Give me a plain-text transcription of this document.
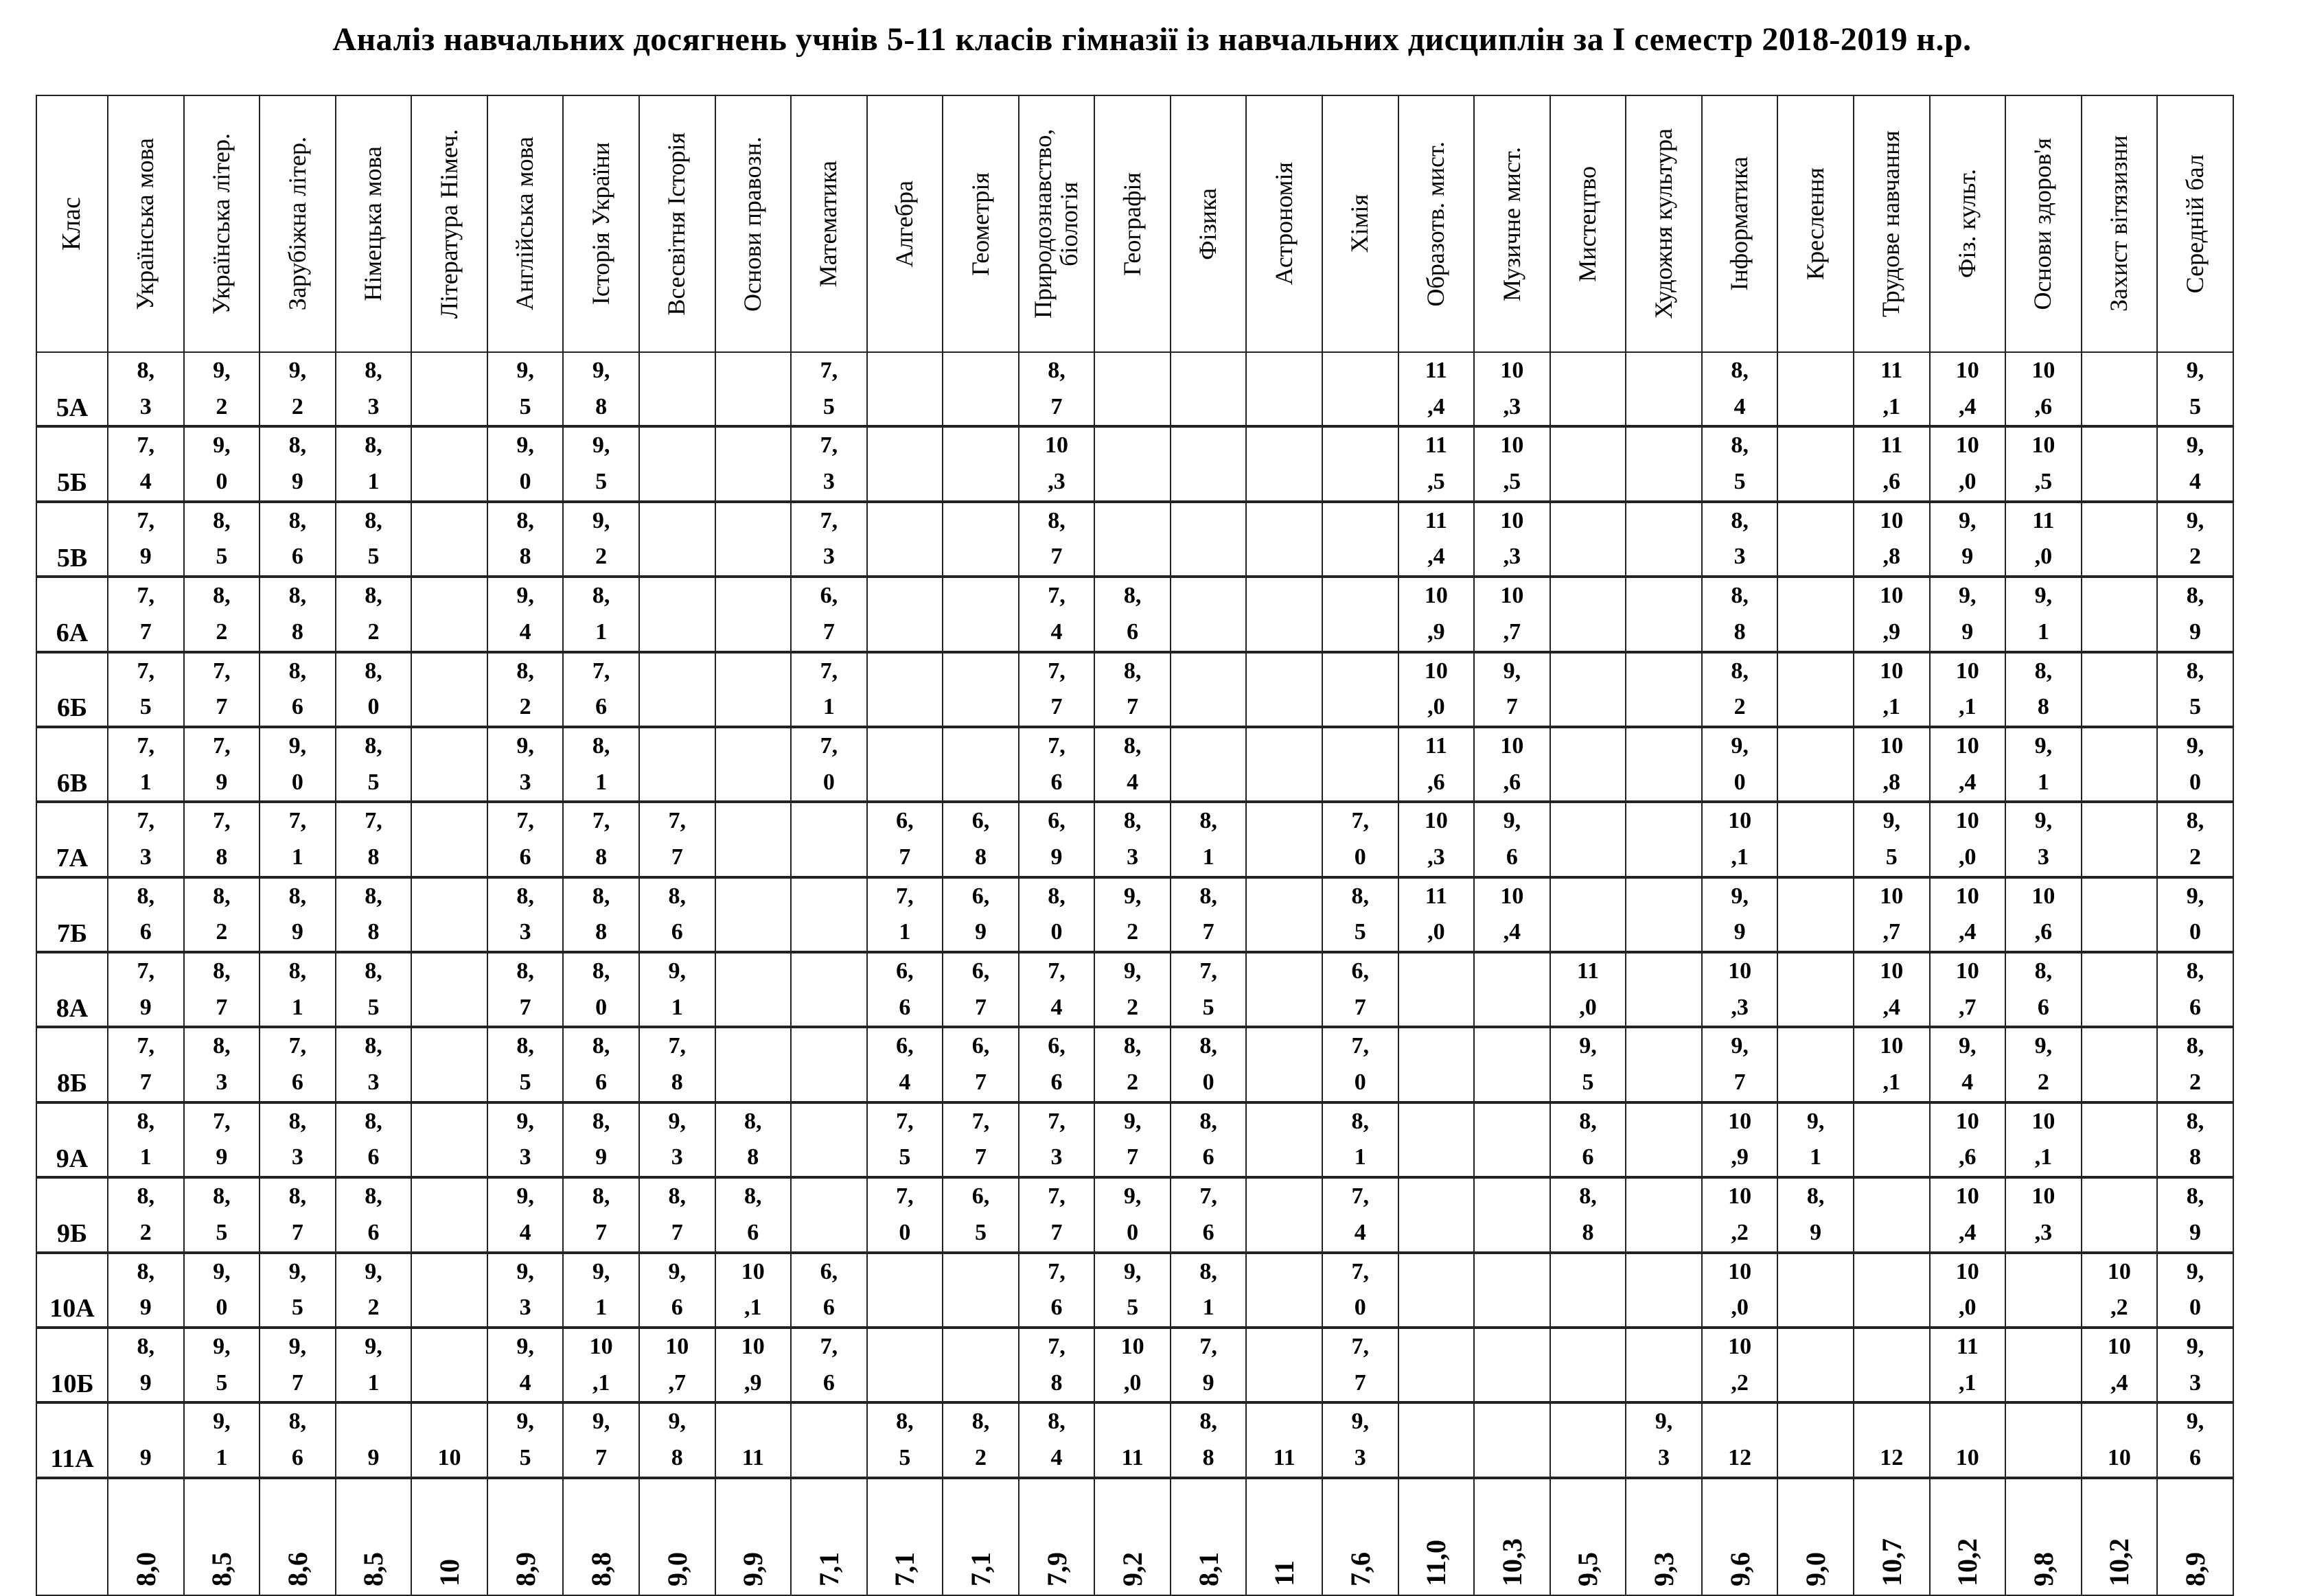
Аналіз навчальних досягнень учнів 5-11 класів гімназії із навчальних дисциплін за І семестр 2018-2019 н.р.
Клас	Українська мова	Українська літер.	Зарубіжна літер.	Німецька мова	Література Німеч.	Англійська мова	Історія України	Всесвітня Історія	Основи правозн.	Математика	Алгебра	Геометрія	Природознавство, біологія	Географія	Фізика	Астрономія	Хімія	Образотв. мист.	Музичне мист.	Мистецтво	Художня культура	Інформатика	Креслення	Трудове навчання	Фіз. культ.	Основи здоров'я	Захист вітязизни	Середній бал

5А	8,3	9,2	9,2	8,3		9,5	9,8			7,5			8,7					11,4	10,3			8,4		11,1	10,4	10,6		9,5

5Б	7,4	9,0	8,9	8,1		9,0	9,5			7,3			10,3					11,5	10,5			8,5		11,6	10,0	10,5		9,4

5В	7,9	8,5	8,6	8,5		8,8	9,2			7,3			8,7					11,4	10,3			8,3		10,8	9,9	11,0		9,2

6А	7,7	8,2	8,8	8,2		9,4	8,1			6,7			7,4	8,6				10,9	10,7			8,8		10,9	9,9	9,1		8,9

6Б	7,5	7,7	8,6	8,0		8,2	7,6			7,1			7,7	8,7				10,0	9,7			8,2		10,1	10,1	8,8		8,5

6В	7,1	7,9	9,0	8,5		9,3	8,1			7,0			7,6	8,4				11,6	10,6			9,0		10,8	10,4	9,1		9,0

7А	7,3	7,8	7,1	7,8		7,6	7,8	7,7			6,7	6,8	6,9	8,3	8,1		7,0	10,3	9,6			10,1		9,5	10,0	9,3		8,2

7Б	8,6	8,2	8,9	8,8		8,3	8,8	8,6			7,1	6,9	8,0	9,2	8,7		8,5	11,0	10,4			9,9		10,7	10,4	10,6		9,0

8А	7,9	8,7	8,1	8,5		8,7	8,0	9,1			6,6	6,7	7,4	9,2	7,5		6,7			11,0		10,3		10,4	10,7	8,6		8,6

8Б	7,7	8,3	7,6	8,3		8,5	8,6	7,8			6,4	6,7	6,6	8,2	8,0		7,0			9,5		9,7		10,1	9,4	9,2		8,2

9А	8,1	7,9	8,3	8,6		9,3	8,9	9,3	8,8		7,5	7,7	7,3	9,7	8,6		8,1			8,6		10,9	9,1		10,6	10,1		8,8

9Б	8,2	8,5	8,7	8,6		9,4	8,7	8,7	8,6		7,0	6,5	7,7	9,0	7,6		7,4			8,8		10,2	8,9		10,4	10,3		8,9

10А	8,9	9,0	9,5	9,2		9,3	9,1	9,6	10,1	6,6			7,6	9,5	8,1		7,0					10,0			10,0		10,2	9,0

10Б	8,9	9,5	9,7	9,1		9,4	10,1	10,7	10,9	7,6			7,8	10,0	7,9		7,7					10,2			11,1		10,4	9,3

11А	9	9,1	8,6	9	10	9,5	9,7	9,8	11		8,5	8,2	8,4	11	8,8	11	9,3				9,3	12		12	10		10	9,6

	8,0	8,5	8,6	8,5	10	8,9	8,8	9,0	9,9	7,1	7,1	7,1	7,9	9,2	8,1	11	7,6	11,0	10,3	9,5	9,3	9,6	9,0	10,7	10,2	9,8	10,2	8,9
